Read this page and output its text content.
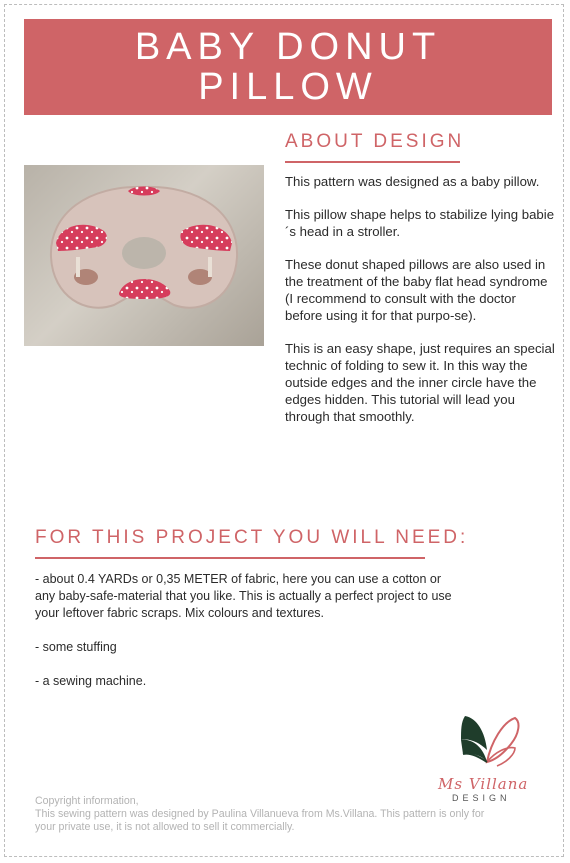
BABY DONUT
PILLOW
ABOUT DESIGN

This pattern was designed as a baby pillow.

This pillow shape helps to stabilize lying babie´s head in a stroller.

These donut shaped pillows are also used in the treatment of the baby flat head syndrome (I recommend to consult with the doctor before using it for that purpo-se).

This is an easy shape, just requires an special technic of folding to sew it. In this way the outside edges and the inner circle have the edges hidden. This tutorial will lead you through that smoothly.

FOR THIS PROJECT YOU WILL NEED:

- about 0.4 YARDs or 0,35 METER of fabric, here you can use a cotton or any baby-safe-material that you like. This is actually a perfect project to use your leftover fabric scraps. Mix colours and textures.

- some stuffing

- a sewing machine.

Ms Villana
DESIGN
Copyright information,
This sewing pattern was designed by Paulina Villanueva from Ms.Villana. This pattern is only for your private use, it is not allowed to sell it commercially.
